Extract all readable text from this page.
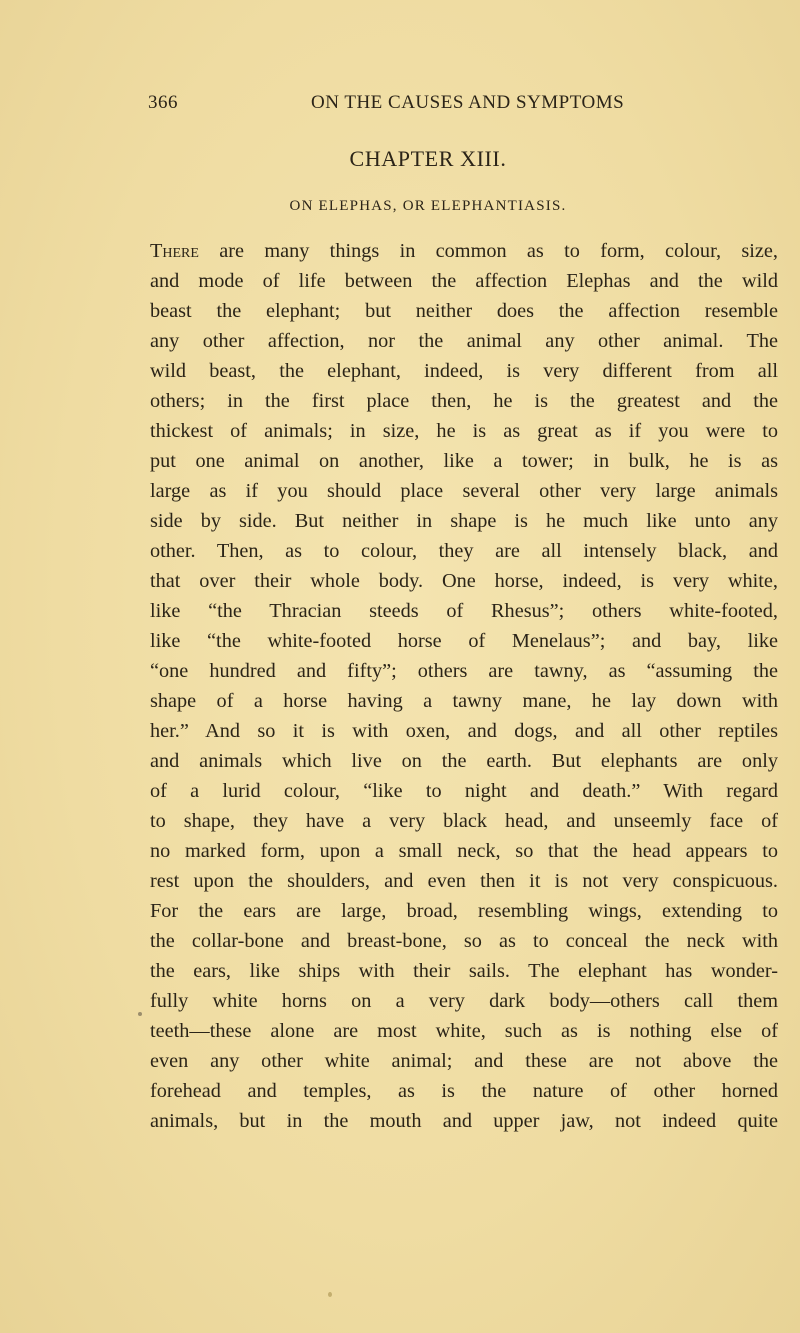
366	ON THE CAUSES AND SYMPTOMS
CHAPTER XIII.
ON ELEPHAS, OR ELEPHANTIASIS.
There are many things in common as to form, colour, size,
and mode of life between the affection Elephas and the wild
beast the elephant; but neither does the affection resemble
any other affection, nor the animal any other animal. The
wild beast, the elephant, indeed, is very different from all
others; in the first place then, he is the greatest and the
thickest of animals; in size, he is as great as if you were to
put one animal on another, like a tower; in bulk, he is as
large as if you should place several other very large animals
side by side. But neither in shape is he much like unto any
other. Then, as to colour, they are all intensely black, and
that over their whole body. One horse, indeed, is very white,
like “the Thracian steeds of Rhesus”; others white-footed,
like “the white-footed horse of Menelaus”; and bay, like
“one hundred and fifty”; others are tawny, as “assuming the
shape of a horse having a tawny mane, he lay down with
her.” And so it is with oxen, and dogs, and all other reptiles
and animals which live on the earth. But elephants are only
of a lurid colour, “like to night and death.” With regard
to shape, they have a very black head, and unseemly face of
no marked form, upon a small neck, so that the head appears to
rest upon the shoulders, and even then it is not very conspicuous.
For the ears are large, broad, resembling wings, extending to
the collar-bone and breast-bone, so as to conceal the neck with
the ears, like ships with their sails. The elephant has wonder-
fully white horns on a very dark body—others call them
teeth—these alone are most white, such as is nothing else of
even any other white animal; and these are not above the
forehead and temples, as is the nature of other horned
animals, but in the mouth and upper jaw, not indeed quite
